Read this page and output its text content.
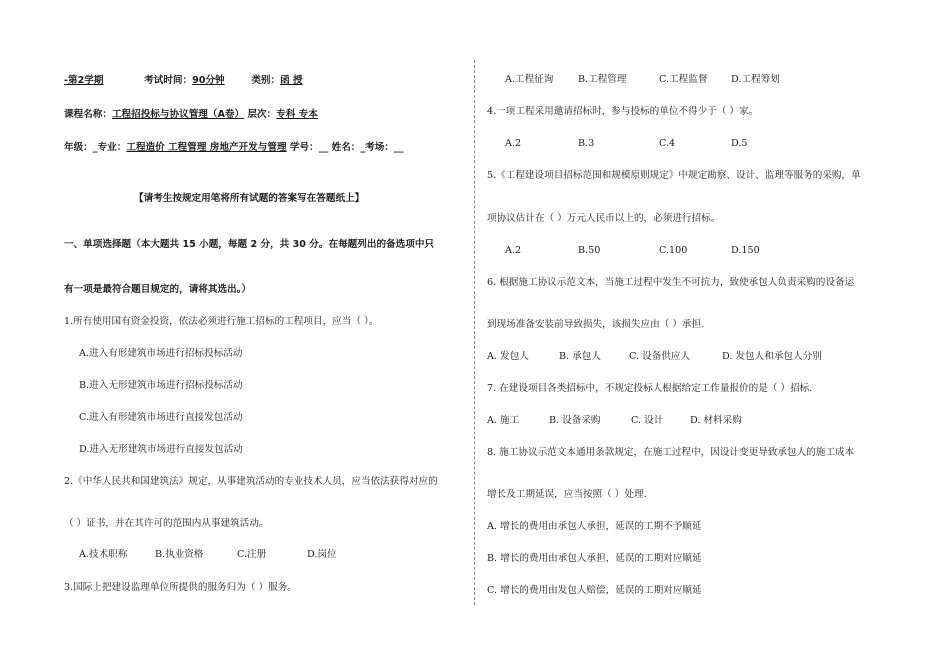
-第2学期	考试时间：90分钟	类别：函 授
课程名称：工程招投标与协议管理（A卷） 层次：专科 专本
年级：_专业：工程造价 工程管理 房地产开发与管理 学号：__ 姓名：_考场：__
【请考生按规定用笔将所有试题的答案写在答题纸上】
一、单项选择题（本大题共 15 小题，每题 2 分，共 30 分。在每题列出的备选项中只
有一项是最符合题目规定的，请将其选出。）
1.所有使用国有资金投资，依法必须进行施工招标的工程项目，应当（ ）。
A.进入有形建筑市场进行招标投标活动
B.进入无形建筑市场进行招标投标活动
C.进入有形建筑市场进行直接发包活动
D.进入无形建筑市场进行直接发包活动
2.《中华人民共和国建筑法》规定，从事建筑活动的专业技术人员，应当依法获得对应的
（ ）证书，并在其许可的范围内从事建筑活动。
A.技术职称	B.执业资格	C.注册	D.岗位
3.国际上把建设监理单位所提供的服务归为（ ）服务。
A.工程征询	B.工程管理	C.工程监督 D.工程筹划
4.一项工程采用邀请招标时，参与投标的单位不得少于（ ）家。
A.2	B.3	C.4	D.5
5.《工程建设项目招标范围和规模原则规定》中规定勘察、设计、监理等服务的采购，单
项协议估计在（ ）万元人民币以上的，必须进行招标。
A.2	B.50	C.100	D.150
6. 根据施工协议示范文本，当施工过程中发生不可抗力，致使承包人负责采购的设备运
到现场准备安装前导致损失，该损失应由（ ）承担.
A. 发包人	B. 承包人	C. 设备供应人	D. 发包人和承包人分别
7. 在建设项目各类招标中，不规定投标人根据给定工作量报价的是（ ）招标.
A. 施工	B. 设备采购	C. 设计	D. 材料采购
8. 施工协议示范文本通用条款规定，在施工过程中，因设计变更导致承包人的施工成本
增长及工期延误，应当按照（ ）处理.
A. 增长的费用由承包人承担，延误的工期不予顺延
B. 增长的费用由承包人承担，延误的工期对应顺延
C. 增长的费用由发包人赔偿，延误的工期对应顺延
